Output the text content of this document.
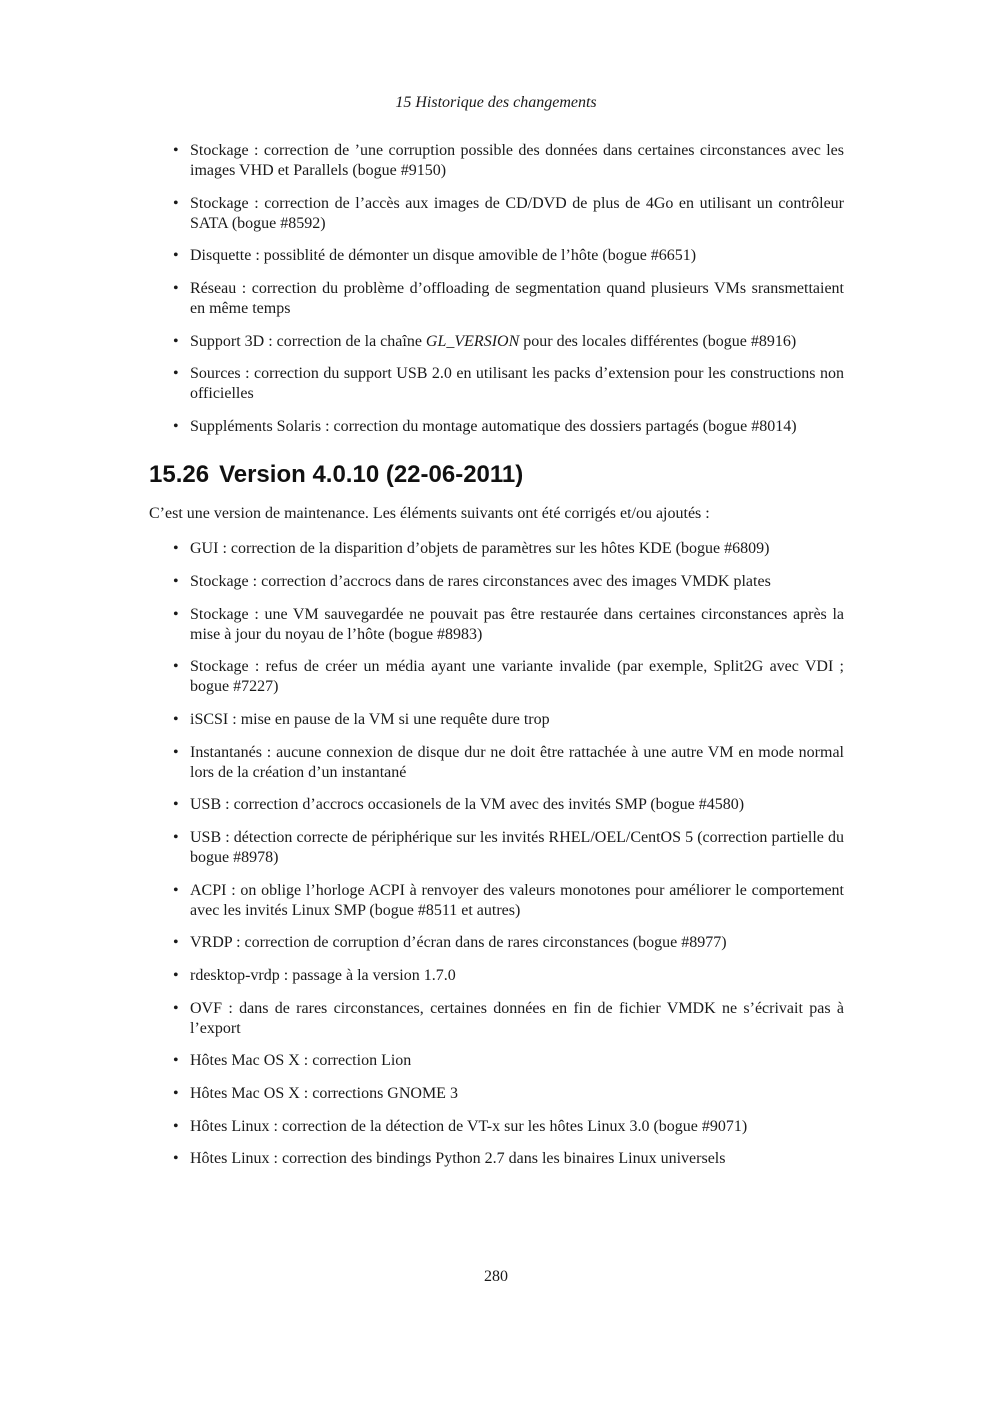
15 Historique des changements
• Stockage : correction de ’une corruption possible des données dans certaines circonstances avec les images VHD et Parallels (bogue #9150)
• Stockage : correction de l’accès aux images de CD/DVD de plus de 4Go en utilisant un contrôleur SATA (bogue #8592)
• Disquette : possiblité de démonter un disque amovible de l’hôte (bogue #6651)
• Réseau : correction du problème d’offloading de segmentation quand plusieurs VMs sransmettaient en même temps
• Support 3D : correction de la chaîne GL_VERSION pour des locales différentes (bogue #8916)
• Sources : correction du support USB 2.0 en utilisant les packs d’extension pour les constructions non officielles
• Suppléments Solaris : correction du montage automatique des dossiers partagés (bogue #8014)
15.26 Version 4.0.10 (22-06-2011)

C’est une version de maintenance. Les éléments suivants ont été corrigés et/ou ajoutés :

• GUI : correction de la disparition d’objets de paramètres sur les hôtes KDE (bogue #6809)
• Stockage : correction d’accrocs dans de rares circonstances avec des images VMDK plates
• Stockage : une VM sauvegardée ne pouvait pas être restaurée dans certaines circonstances après la mise à jour du noyau de l’hôte (bogue #8983)
• Stockage : refus de créer un média ayant une variante invalide (par exemple, Split2G avec VDI ; bogue #7227)
• iSCSI : mise en pause de la VM si une requête dure trop
• Instantanés : aucune connexion de disque dur ne doit être rattachée à une autre VM en mode normal lors de la création d’un instantané
• USB : correction d’accrocs occasionels de la VM avec des invités SMP (bogue #4580)
• USB : détection correcte de périphérique sur les invités RHEL/OEL/CentOS 5 (correction partielle du bogue #8978)
• ACPI : on oblige l’horloge ACPI à renvoyer des valeurs monotones pour améliorer le comportement avec les invités Linux SMP (bogue #8511 et autres)
• VRDP : correction de corruption d’écran dans de rares circonstances (bogue #8977)
• rdesktop-vrdp : passage à la version 1.7.0
• OVF : dans de rares circonstances, certaines données en fin de fichier VMDK ne s’écrivait pas à l’export
• Hôtes Mac OS X : correction Lion
• Hôtes Mac OS X : corrections GNOME 3
• Hôtes Linux : correction de la détection de VT-x sur les hôtes Linux 3.0 (bogue #9071)
• Hôtes Linux : correction des bindings Python 2.7 dans les binaires Linux universels
280
